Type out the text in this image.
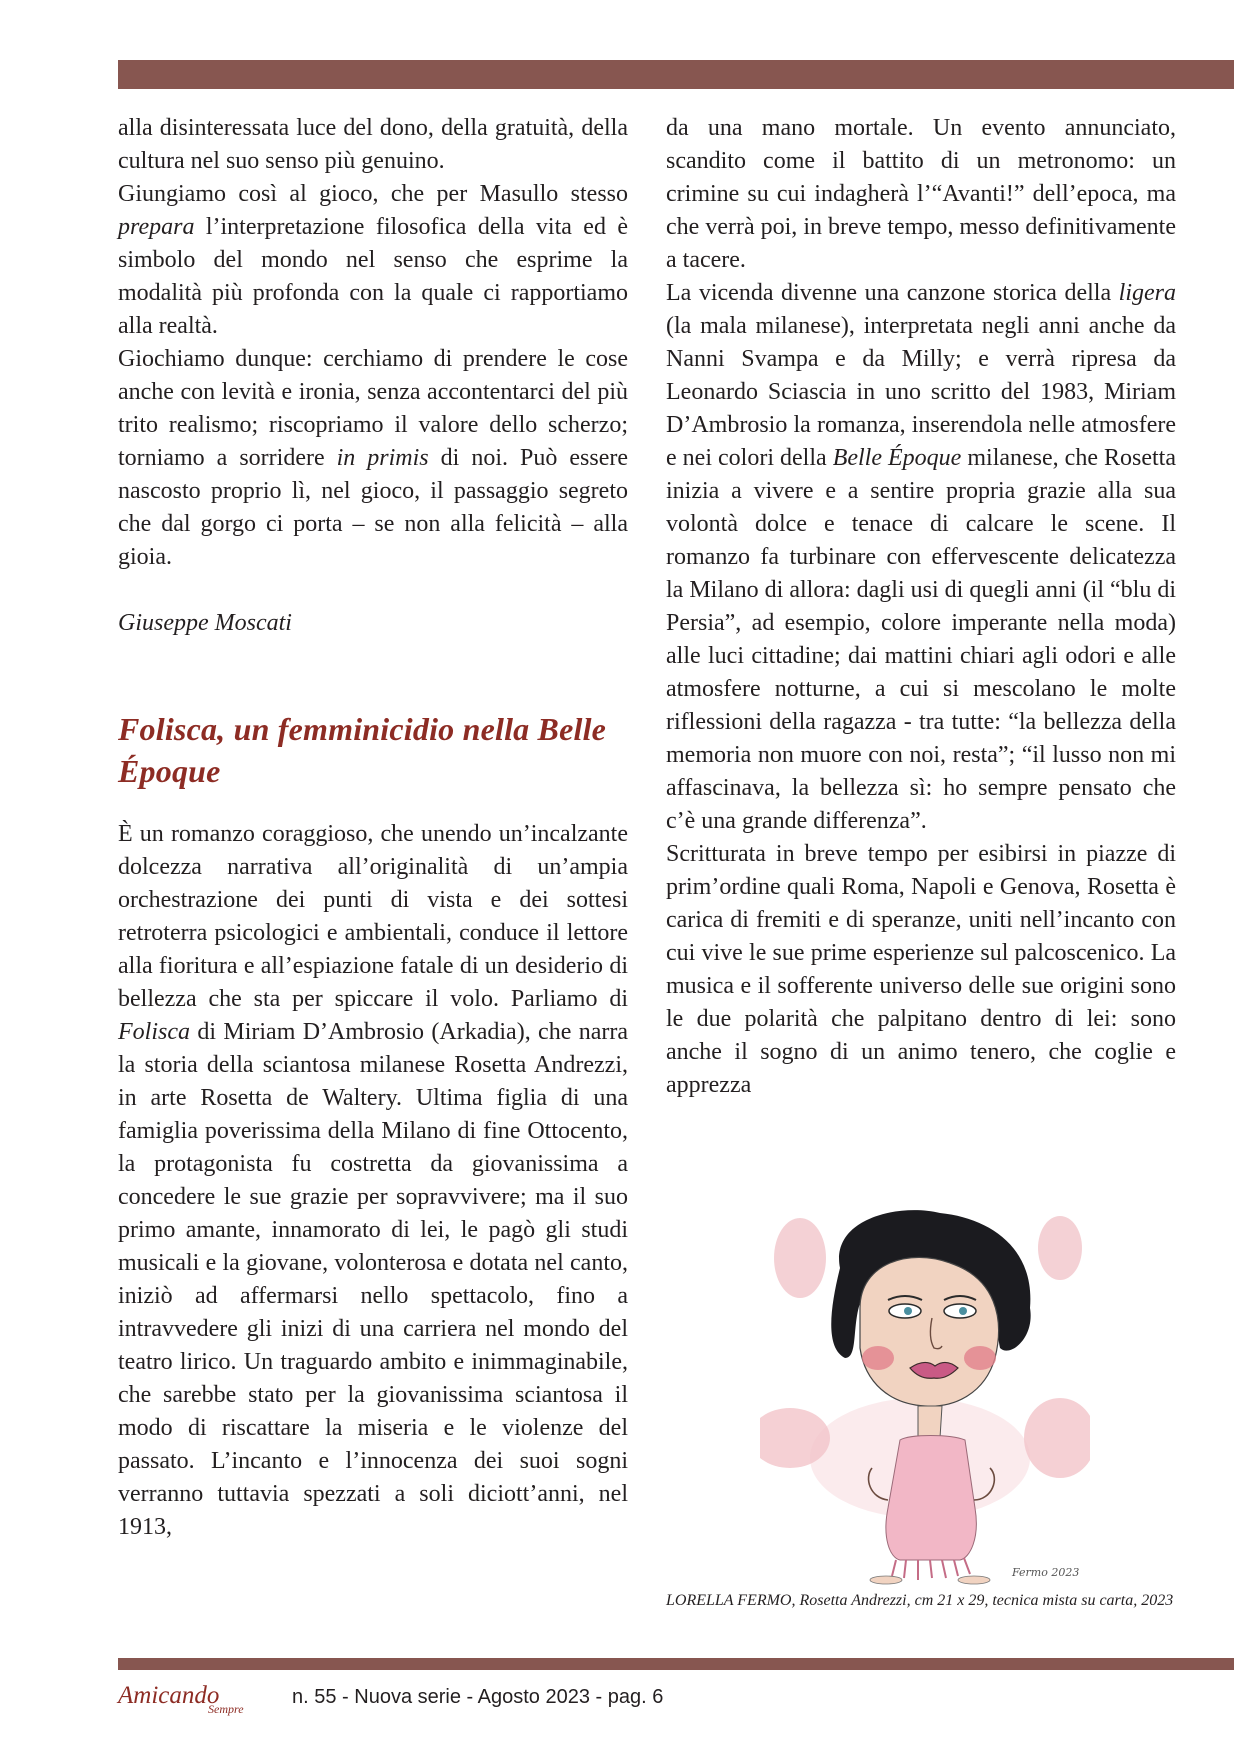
alla disinteressata luce del dono, della gratuità, della cultura nel suo senso più genuino.

Giungiamo così al gioco, che per Masullo stesso prepara l’interpretazione filosofica della vita ed è simbolo del mondo nel senso che esprime la modalità più profonda con la quale ci rapportiamo alla realtà.

Giochiamo dunque: cerchiamo di prendere le cose anche con levità e ironia, senza accontentarci del più trito realismo; riscopriamo il valore dello scherzo; torniamo a sorridere in primis di noi. Può essere nascosto proprio lì, nel gioco, il passaggio segreto che dal gorgo ci porta – se non alla felicità – alla gioia.

Giuseppe Moscati
Folisca, un femminicidio nella Belle Époque

È un romanzo coraggioso, che unendo un’incalzante dolcezza narrativa all’originalità di un’ampia orchestrazione dei punti di vista e dei sottesi retroterra psicologici e ambientali, conduce il lettore alla fioritura e all’espiazione fatale di un desiderio di bellezza che sta per spiccare il volo. Parliamo di Folisca di Miriam D’Ambrosio (Arkadia), che narra la storia della sciantosa milanese Rosetta Andrezzi, in arte Rosetta de Waltery. Ultima figlia di una famiglia poverissima della Milano di fine Ottocento, la protagonista fu costretta da giovanissima a concedere le sue grazie per sopravvivere; ma il suo primo amante, innamorato di lei, le pagò gli studi musicali e la giovane, volonterosa e dotata nel canto, iniziò ad affermarsi nello spettacolo, fino a intravvedere gli inizi di una carriera nel mondo del teatro lirico. Un traguardo ambito e inimmaginabile, che sarebbe stato per la giovanissima sciantosa il modo di riscattare la miseria e le violenze del passato. L’incanto e l’innocenza dei suoi sogni verranno tuttavia spezzati a soli diciott’anni, nel 1913,

da una mano mortale. Un evento annunciato, scandito come il battito di un metronomo: un crimine su cui indagherà l’“Avanti!” dell’epoca, ma che verrà poi, in breve tempo, messo definitivamente a tacere.

La vicenda divenne una canzone storica della ligera (la mala milanese), interpretata negli anni anche da Nanni Svampa e da Milly; e verrà ripresa da Leonardo Sciascia in uno scritto del 1983, Miriam D’Ambrosio la romanza, inserendola nelle atmosfere e nei colori della Belle Époque milanese, che Rosetta inizia a vivere e a sentire propria grazie alla sua volontà dolce e tenace di calcare le scene. Il romanzo fa turbinare con effervescente delicatezza la Milano di allora: dagli usi di quegli anni (il “blu di Persia”, ad esempio, colore imperante nella moda) alle luci cittadine; dai mattini chiari agli odori e alle atmosfere notturne, a cui si mescolano le molte riflessioni della ragazza - tra tutte: “la bellezza della memoria non muore con noi, resta”; “il lusso non mi affascinava, la bellezza sì: ho sempre pensato che c’è una grande differenza”.

Scritturata in breve tempo per esibirsi in piazze di prim’ordine quali Roma, Napoli e Genova, Rosetta è carica di fremiti e di speranze, uniti nell’incanto con cui vive le sue prime esperienze sul palcoscenico. La musica e il sofferente universo delle sue origini sono le due polarità che palpitano dentro di lei: sono anche il sogno di un animo tenero, che coglie e apprezza

Fermo 2023
LORELLA FERMO, Rosetta Andrezzi, cm 21 x 29, tecnica mista su carta, 2023
Amicando
Sempre
n. 55 - Nuova serie - Agosto 2023 - pag. 6
